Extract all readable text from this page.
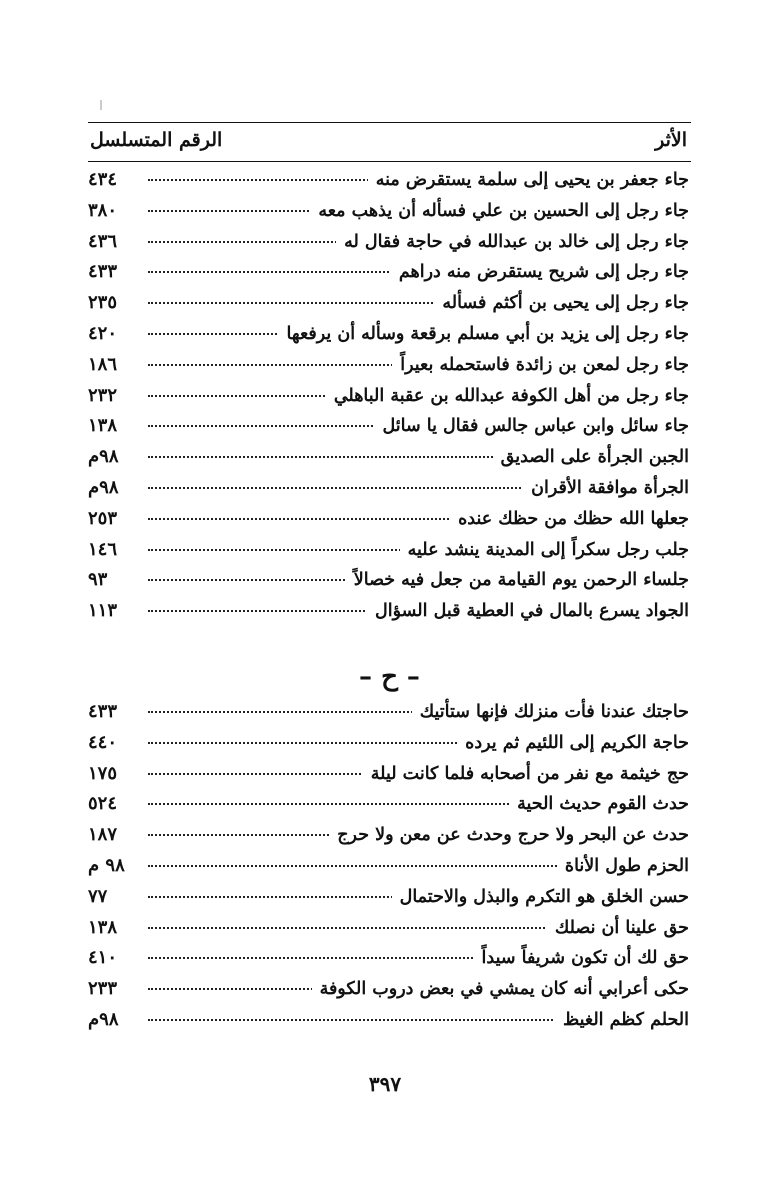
الأثر
الرقم المتسلسل
جاء جعفر بن يحيى إلى سلمة يستقرض منه
٤٣٤
جاء رجل إلى الحسين بن علي فسأله أن يذهب معه
٣٨٠
جاء رجل إلى خالد بن عبدالله في حاجة فقال له
٤٣٦
جاء رجل إلى شريح يستقرض منه دراهم
٤٣٣
جاء رجل إلى يحيى بن أكثم فسأله
٢٣٥
جاء رجل إلى يزيد بن أبي مسلم برقعة وسأله أن يرفعها
٤٢٠
جاء رجل لمعن بن زائدة فاستحمله بعيراً
١٨٦
جاء رجل من أهل الكوفة عبدالله بن عقبة الباهلي
٢٣٢
جاء سائل وابن عباس جالس فقال يا سائل
١٣٨
الجبن الجرأة على الصديق
٩٨م
الجرأة موافقة الأقران
٩٨م
جعلها الله حظك من حظك عنده
٢٥٣
جلب رجل سكراً إلى المدينة ينشد عليه
١٤٦
جلساء الرحمن يوم القيامة من جعل فيه خصالاً
٩٣
الجواد يسرع بالمال في العطية قبل السؤال
١١٣
– ح –
حاجتك عندنا فأت منزلك فإنها ستأتيك
٤٣٣
حاجة الكريم إلى اللئيم ثم يرده
٤٤٠
حج خيثمة مع نفر من أصحابه فلما كانت ليلة
١٧٥
حدث القوم حديث الحية
٥٢٤
حدث عن البحر ولا حرج وحدث عن معن ولا حرج
١٨٧
الحزم طول الأناة
٩٨ م
حسن الخلق هو التكرم والبذل والاحتمال
٧٧
حق علينا أن نصلك
١٣٨
حق لك أن تكون شريفاً سيداً
٤١٠
حكى أعرابي أنه كان يمشي في بعض دروب الكوفة
٢٣٣
الحلم كظم الغيظ
٩٨م
٣٩٧
